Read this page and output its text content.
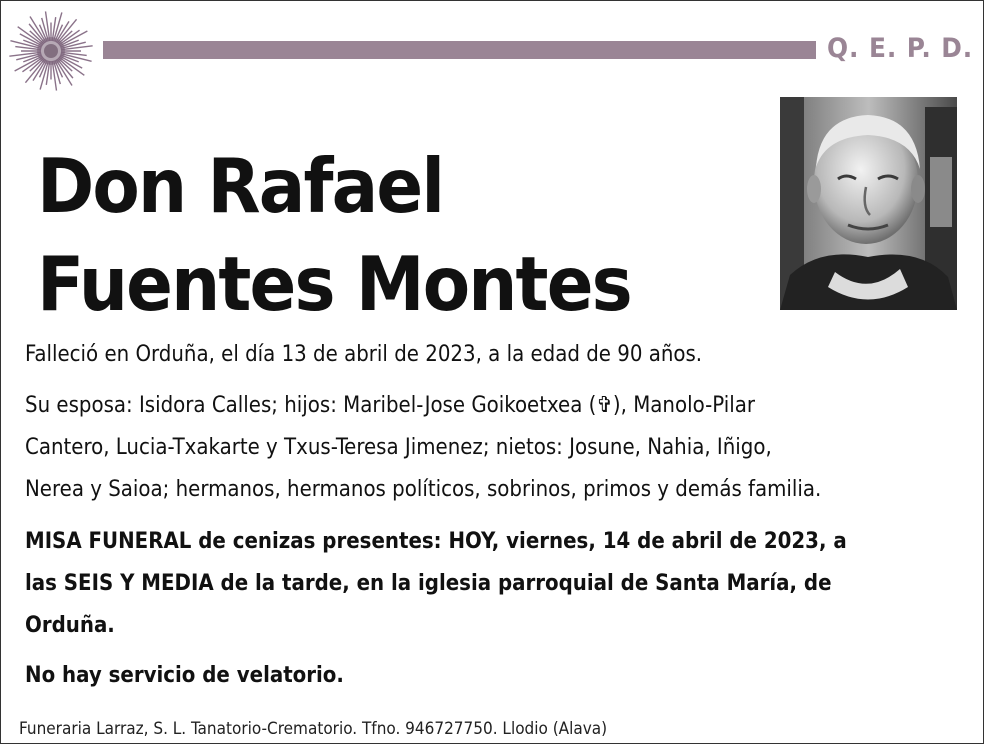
Q. E. P. D.
Don Rafael
Fuentes Montes
Falleció en Orduña, el día 13 de abril de 2023, a la edad de 90 años.
Su esposa: Isidora Calles; hijos: Maribel-Jose Goikoetxea (✞), Manolo-Pilar
Cantero, Lucia-Txakarte y Txus-Teresa Jimenez; nietos: Josune, Nahia, Iñigo,
Nerea y Saioa; hermanos, hermanos políticos, sobrinos, primos y demás familia.
MISA FUNERAL de cenizas presentes: HOY, viernes, 14 de abril de 2023, a
las SEIS Y MEDIA de la tarde, en la iglesia parroquial de Santa María, de
Orduña.
No hay servicio de velatorio.
Funeraria Larraz, S. L. Tanatorio-Crematorio. Tfno. 946727750. Llodio (Alava)
